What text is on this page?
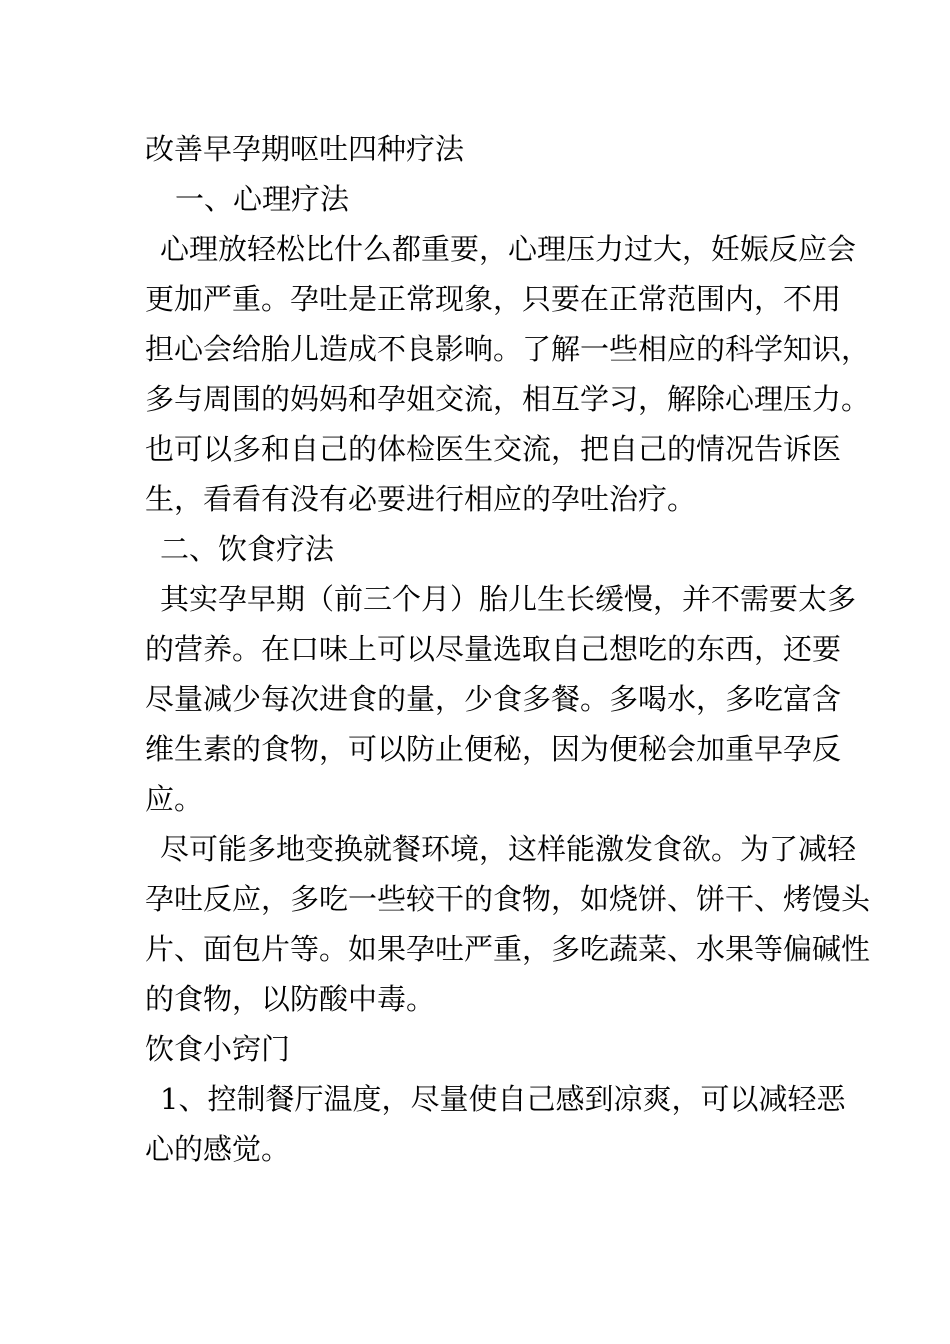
改善早孕期呕吐四种疗法
一、心理疗法
心理放轻松比什么都重要，心理压力过大，妊娠反应会
更加严重。孕吐是正常现象，只要在正常范围内，不用
担心会给胎儿造成不良影响。了解一些相应的科学知识，
多与周围的妈妈和孕姐交流，相互学习，解除心理压力。
也可以多和自己的体检医生交流，把自己的情况告诉医
生，看看有没有必要进行相应的孕吐治疗。
二、饮食疗法
其实孕早期（前三个月）胎儿生长缓慢，并不需要太多
的营养。在口味上可以尽量选取自己想吃的东西，还要
尽量减少每次进食的量，少食多餐。多喝水，多吃富含
维生素的食物，可以防止便秘，因为便秘会加重早孕反
应。
尽可能多地变换就餐环境，这样能激发食欲。为了减轻
孕吐反应，多吃一些较干的食物，如烧饼、饼干、烤馒头
片、面包片等。如果孕吐严重，多吃蔬菜、水果等偏碱性
的食物，以防酸中毒。
饮食小窍门
1、控制餐厅温度，尽量使自己感到凉爽，可以减轻恶
心的感觉。
